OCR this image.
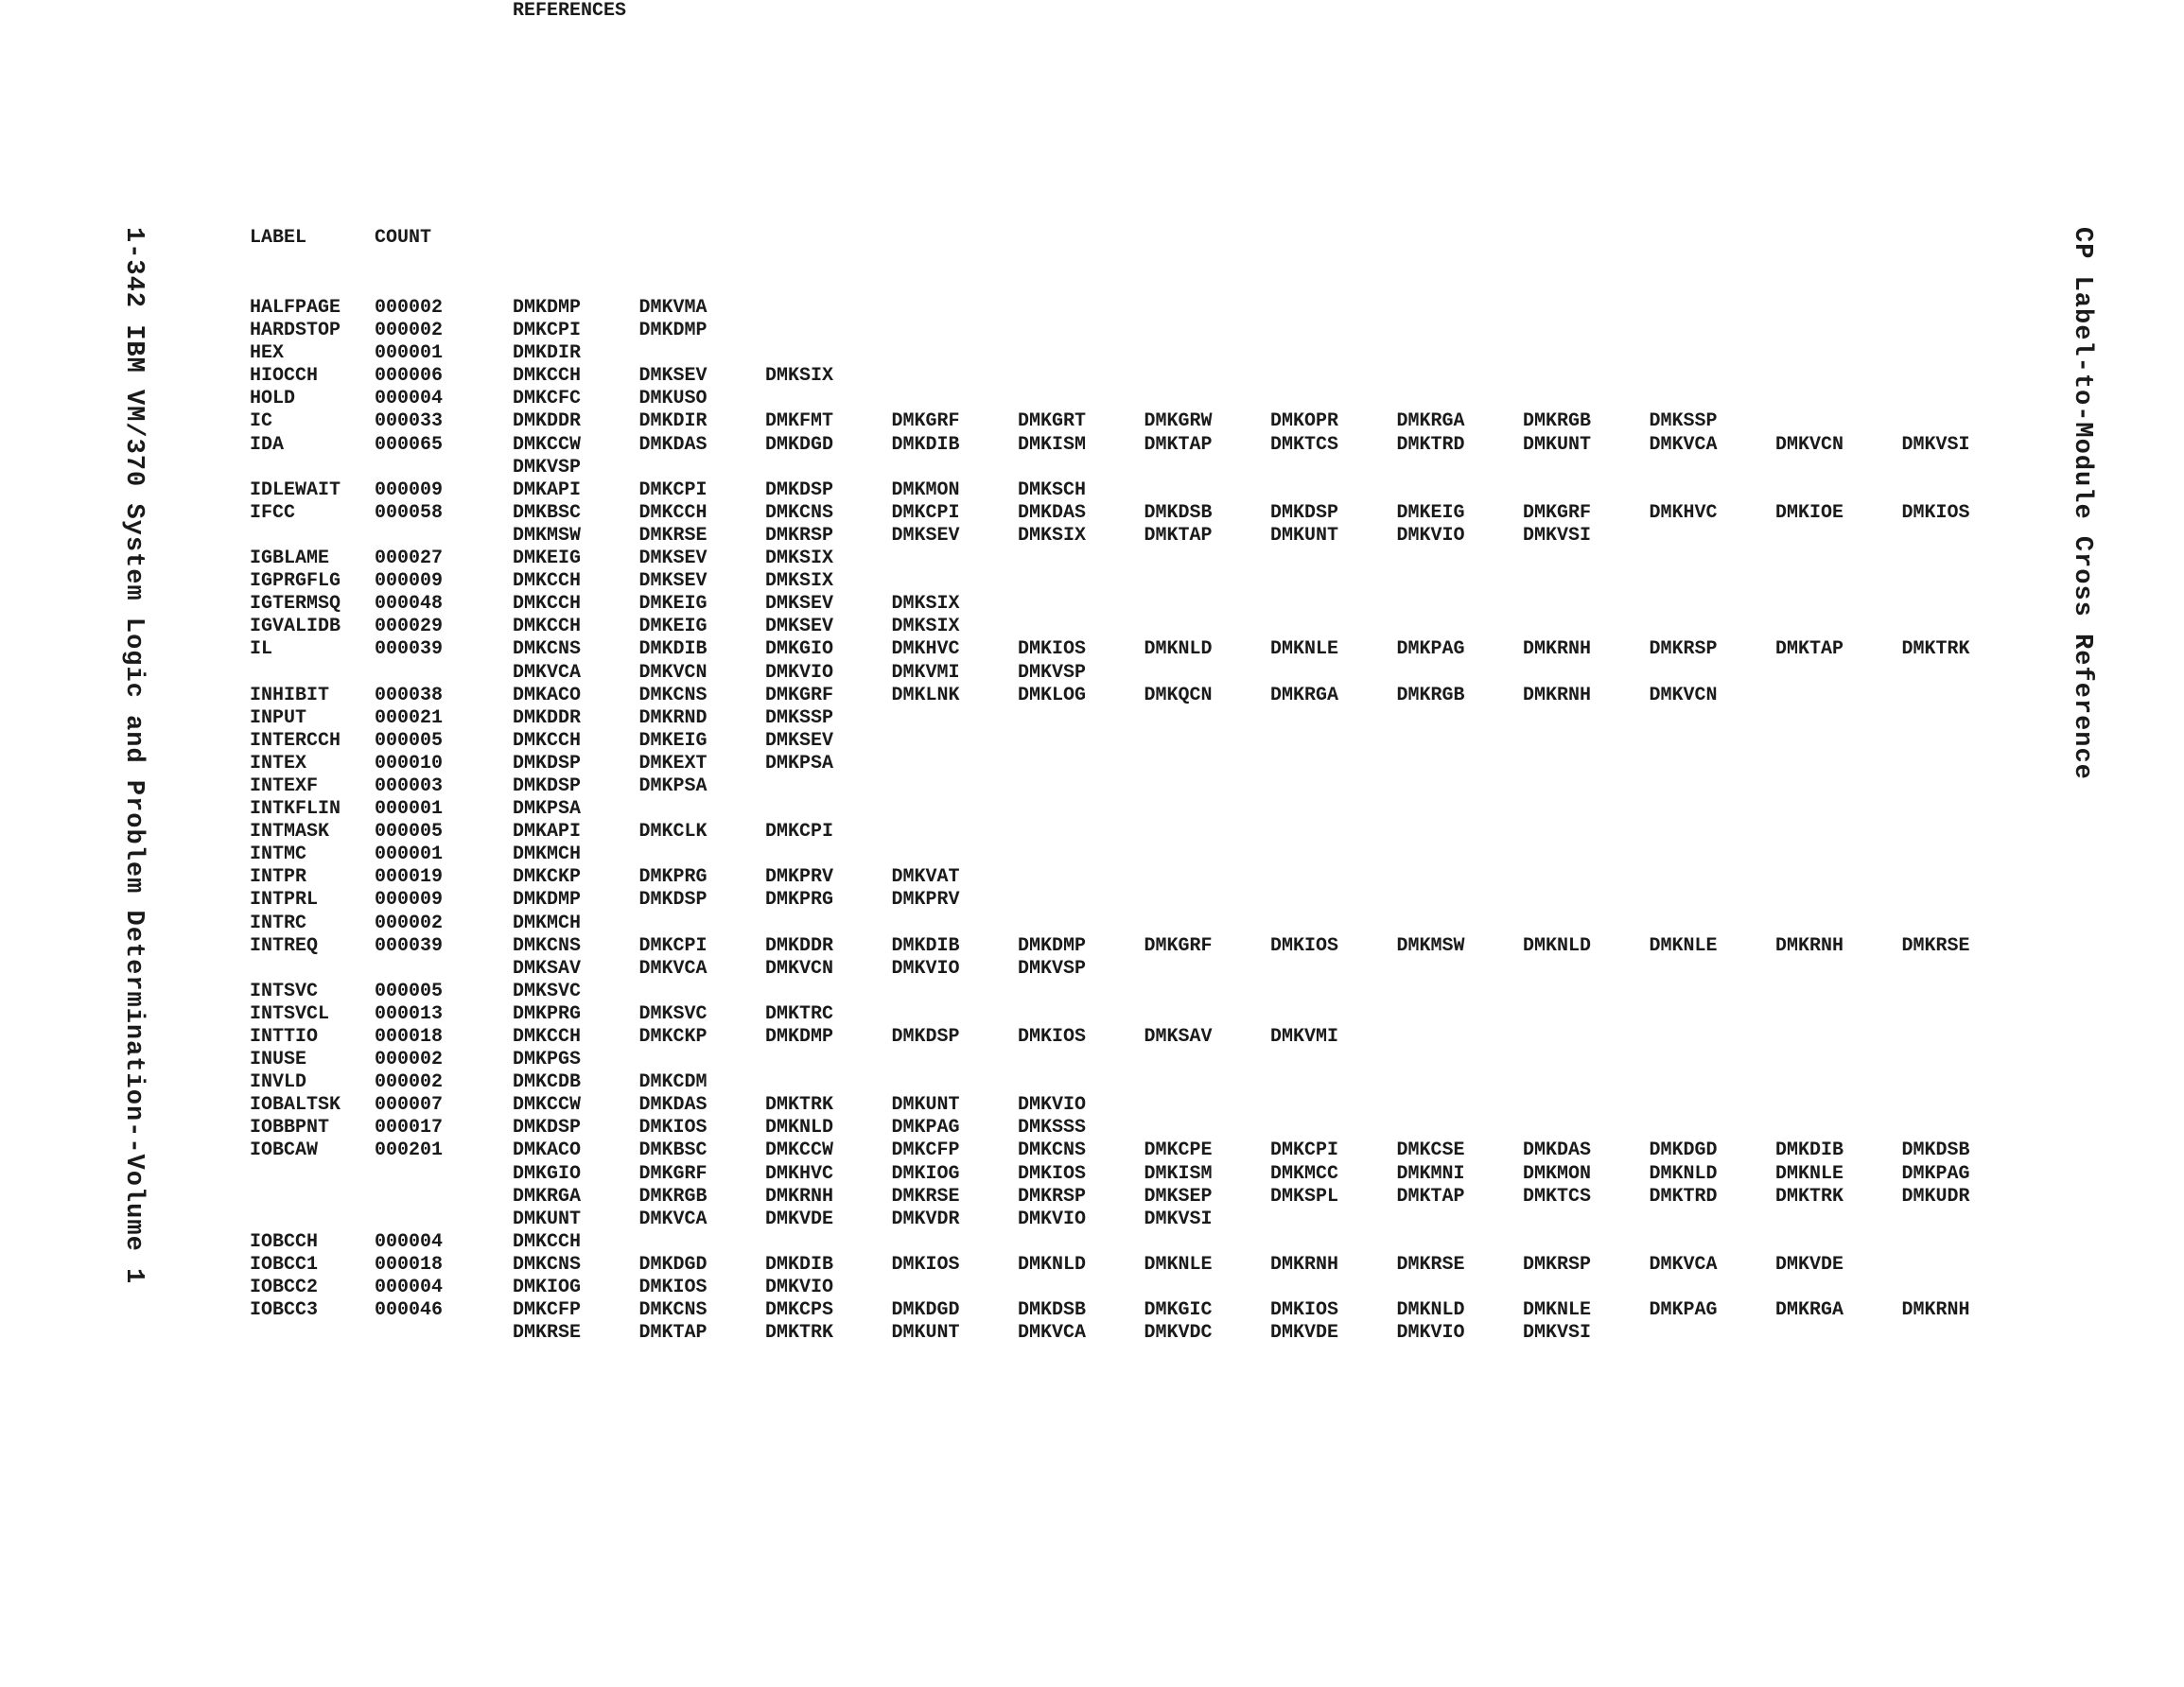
1-342 IBM VM/370 System Logic and Problem Determination--Volume 1	CP Label-to-Module Cross Reference
LABEL	COUNT
REFERENCES
HALFPAGE 000002	DMKDMP	DMKVMA
HARDSTOP 000002	DMKCPI	DMKDMP
HEX	000001	DMKDIR
HIOCCH	000006	DMKCCH	DMKSEV	DMKSIX
HOLD	000004	DMKCFC	DMKUSO
IC	000033	DMKDDR	DMKDIR	DMKFMT	DMKGRF	DMKGRT	DMKGRW	DMKOPR	DMKRGA	DMKRGB	DMKSSP
IDA	000065	DMKCCW	DMKDAS	DMKDGD	DMKDIB	DMKISM	DMKTAP	DMKTCS	DMKTRD	DMKUNT	DMKVCA	DMKVCN	DMKVSI
DMKVSP
IDLEWAIT 000009	DMKAPI	DMKCPI	DMKDSP	DMKMON	DMKSCH
IFCC	000058	DMKBSC	DMKCCH	DMKCNS	DMKCPI	DMKDAS	DMKDSB	DMKDSP	DMKEIG	DMKGRF	DMKHVC	DMKIOE	DMKIOS
DMKMSW	DMKRSE	DMKRSP	DMKSEV	DMKSIX	DMKTAP	DMKUNT	DMKVIO	DMKVSI
IGBLAME 000027	DMKEIG	DMKSEV	DMKSIX
IGPRGFLG 000009	DMKCCH	DMKSEV	DMKSIX
IGTERMSQ 000048	DMKCCH	DMKEIG	DMKSEV	DMKSIX
IGVALIDB 000029	DMKCCH	DMKEIG	DMKSEV	DMKSIX
IL	000039	DMKCNS	DMKDIB	DMKGIO	DMKHVC	DMKIOS	DMKNLD	DMKNLE	DMKPAG	DMKRNH	DMKRSP	DMKTAP	DMKTRK
DMKVCA	DMKVCN	DMKVIO	DMKVMI	DMKVSP
INHIBIT 000038	DMKACO	DMKCNS	DMKGRF	DMKLNK	DMKLOG	DMKQCN	DMKRGA	DMKRGB	DMKRNH	DMKVCN
INPUT	000021	DMKDDR	DMKRND	DMKSSP
INTERCCH 000005	DMKCCH	DMKEIG	DMKSEV
INTEX	000010	DMKDSP	DMKEXT	DMKPSA
INTEXF	000003	DMKDSP	DMKPSA
INTKFLIN 000001	DMKPSA
INTMASK 000005	DMKAPI	DMKCLK	DMKCPI
INTMC	000001	DMKMCH
INTPR	000019	DMKCKP	DMKPRG	DMKPRV	DMKVAT
INTPRL	000009	DMKDMP	DMKDSP	DMKPRG	DMKPRV
INTRC	000002	DMKMCH
INTREQ	000039	DMKCNS	DMKCPI	DMKDDR	DMKDIB	DMKDMP	DMKGRF	DMKIOS	DMKMSW	DMKNLD	DMKNLE	DMKRNH	DMKRSE
DMKSAV	DMKVCA	DMKVCN	DMKVIO	DMKVSP
INTSVC	000005	DMKSVC
INTSVCL 000013	DMKPRG	DMKSVC	DMKTRC
INTTIO	000018	DMKCCH	DMKCKP	DMKDMP	DMKDSP	DMKIOS	DMKSAV	DMKVMI
INUSE	000002	DMKPGS
INVLD	000002	DMKCDB	DMKCDM
IOBALTSK 000007	DMKCCW	DMKDAS	DMKTRK	DMKUNT	DMKVIO
IOBBPNT 000017	DMKDSP	DMKIOS	DMKNLD	DMKPAG	DMKSSS
IOBCAW	000201	DMKACO	DMKBSC	DMKCCW	DMKCFP	DMKCNS	DMKCPE	DMKCPI	DMKCSE	DMKDAS	DMKDGD	DMKDIB	DMKDSB
DMKGIO	DMKGRF	DMKHVC	DMKIOG	DMKIOS	DMKISM	DMKMCC	DMKMNI	DMKMON	DMKNLD	DMKNLE	DMKPAG
DMKRGA	DMKRGB	DMKRNH	DMKRSE	DMKRSP	DMKSEP	DMKSPL	DMKTAP	DMKTCS	DMKTRD	DMKTRK	DMKUDR
DMKUNT	DMKVCA	DMKVDE	DMKVDR	DMKVIO	DMKVSI
IOBCCH	000004	DMKCCH
IOBCC1	000018	DMKCNS	DMKDGD	DMKDIB	DMKIOS	DMKNLD	DMKNLE	DMKRNH	DMKRSE	DMKRSP	DMKVCA	DMKVDE
IOBCC2	000004	DMKIOG	DMKIOS	DMKVIO
IOBCC3	000046	DMKCFP	DMKCNS	DMKCPS	DMKDGD	DMKDSB	DMKGIC	DMKIOS	DMKNLD	DMKNLE	DMKPAG	DMKRGA	DMKRNH
DMKRSE	DMKTAP	DMKTRK	DMKUNT	DMKVCA	DMKVDC	DMKVDE	DMKVIO	DMKVSI
